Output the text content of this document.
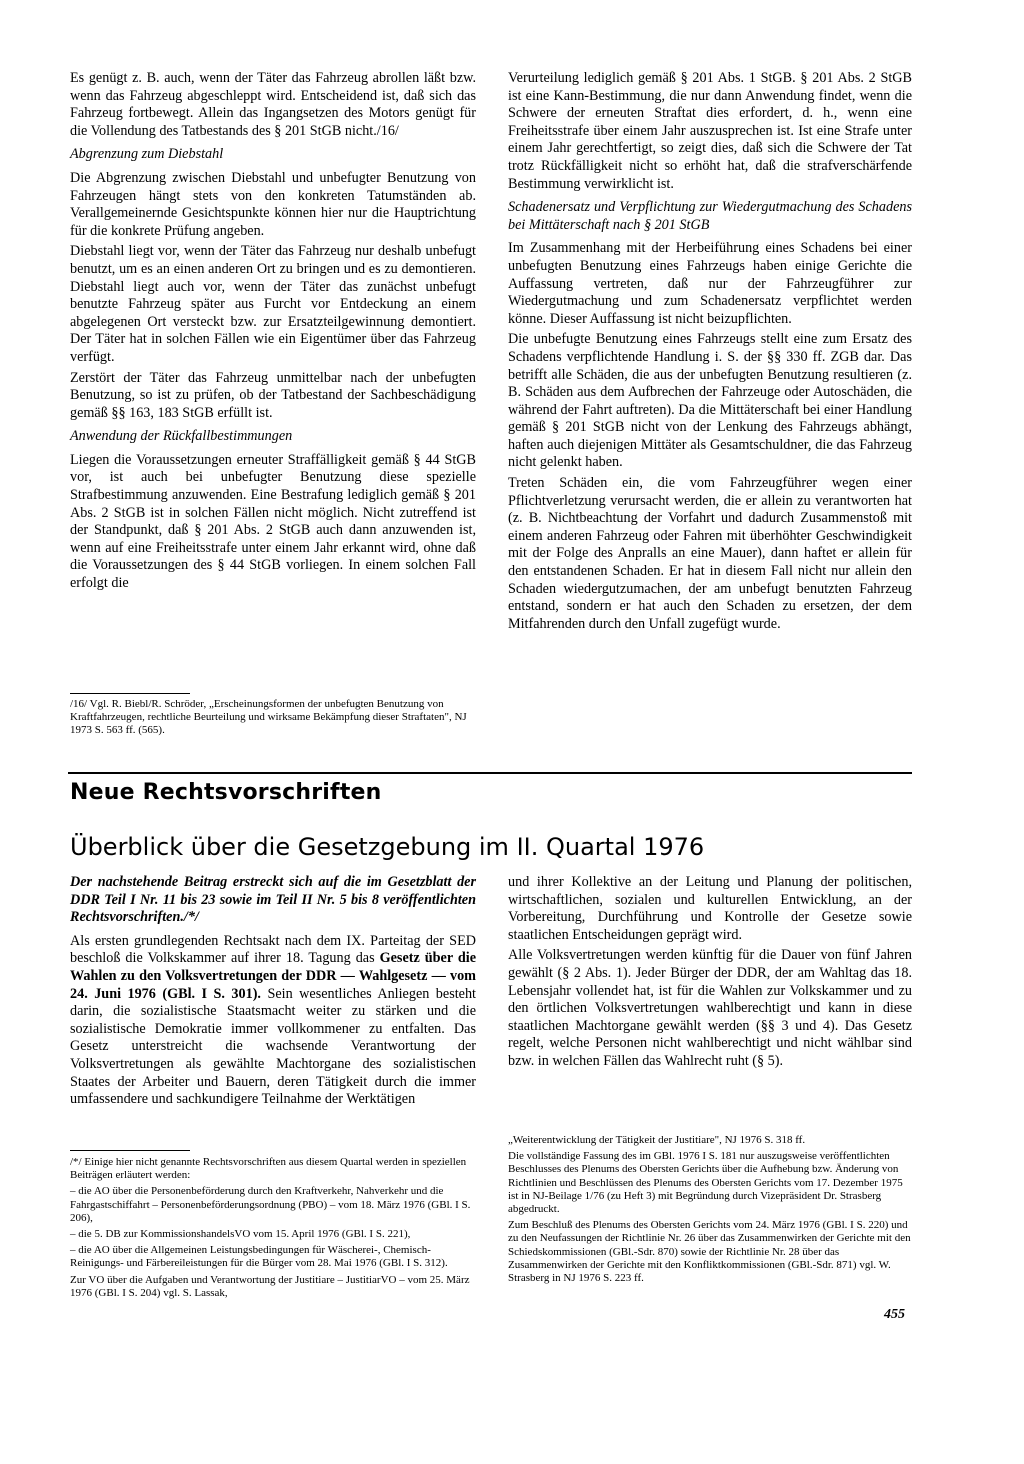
Es genügt z. B. auch, wenn der Täter das Fahrzeug abrollen läßt bzw. wenn das Fahrzeug abgeschleppt wird. Entscheidend ist, daß sich das Fahrzeug fortbewegt. Allein das Ingangsetzen des Motors genügt für die Vollendung des Tatbestands des § 201 StGB nicht./16/

Abgrenzung zum Diebstahl

Die Abgrenzung zwischen Diebstahl und unbefugter Benutzung von Fahrzeugen hängt stets von den konkreten Tatumständen ab. Verallgemeinernde Gesichtspunkte können hier nur die Hauptrichtung für die konkrete Prüfung angeben.

Diebstahl liegt vor, wenn der Täter das Fahrzeug nur deshalb unbefugt benutzt, um es an einen anderen Ort zu bringen und es zu demontieren. Diebstahl liegt auch vor, wenn der Täter das zunächst unbefugt benutzte Fahrzeug später aus Furcht vor Entdeckung an einem abgelegenen Ort versteckt bzw. zur Ersatzteilgewinnung demontiert. Der Täter hat in solchen Fällen wie ein Eigentümer über das Fahrzeug verfügt.

Zerstört der Täter das Fahrzeug unmittelbar nach der unbefugten Benutzung, so ist zu prüfen, ob der Tatbestand der Sachbeschädigung gemäß §§ 163, 183 StGB erfüllt ist.

Anwendung der Rückfallbestimmungen

Liegen die Voraussetzungen erneuter Straffälligkeit gemäß § 44 StGB vor, ist auch bei unbefugter Benutzung diese spezielle Strafbestimmung anzuwenden. Eine Bestrafung lediglich gemäß § 201 Abs. 2 StGB ist in solchen Fällen nicht möglich. Nicht zutreffend ist der Standpunkt, daß § 201 Abs. 2 StGB auch dann anzuwenden ist, wenn auf eine Freiheitsstrafe unter einem Jahr erkannt wird, ohne daß die Voraussetzungen des § 44 StGB vorliegen. In einem solchen Fall erfolgt die

/16/ Vgl. R. Biebl/R. Schröder, „Erscheinungsformen der unbefugten Benutzung von Kraftfahrzeugen, rechtliche Beurteilung und wirksame Bekämpfung dieser Straftaten", NJ 1973 S. 563 ff. (565).

Verurteilung lediglich gemäß § 201 Abs. 1 StGB. § 201 Abs. 2 StGB ist eine Kann-Bestimmung, die nur dann Anwendung findet, wenn die Schwere der erneuten Straftat dies erfordert, d. h., wenn eine Freiheitsstrafe über einem Jahr auszusprechen ist. Ist eine Strafe unter einem Jahr gerechtfertigt, so zeigt dies, daß sich die Schwere der Tat trotz Rückfälligkeit nicht so erhöht hat, daß die strafverschärfende Bestimmung verwirklicht ist.

Schadenersatz und Verpflichtung zur Wiedergutmachung des Schadens bei Mittäterschaft nach § 201 StGB

Im Zusammenhang mit der Herbeiführung eines Schadens bei einer unbefugten Benutzung eines Fahrzeugs haben einige Gerichte die Auffassung vertreten, daß nur der Fahrzeugführer zur Wiedergutmachung und zum Schadenersatz verpflichtet werden könne. Dieser Auffassung ist nicht beizupflichten.

Die unbefugte Benutzung eines Fahrzeugs stellt eine zum Ersatz des Schadens verpflichtende Handlung i. S. der §§ 330 ff. ZGB dar. Das betrifft alle Schäden, die aus der unbefugten Benutzung resultieren (z. B. Schäden aus dem Aufbrechen der Fahrzeuge oder Autoschäden, die während der Fahrt auftreten). Da die Mittäterschaft bei einer Handlung gemäß § 201 StGB nicht von der Lenkung des Fahrzeugs abhängt, haften auch diejenigen Mittäter als Gesamtschuldner, die das Fahrzeug nicht gelenkt haben.

Treten Schäden ein, die vom Fahrzeugführer wegen einer Pflichtverletzung verursacht werden, die er allein zu verantworten hat (z. B. Nichtbeachtung der Vorfahrt und dadurch Zusammenstoß mit einem anderen Fahrzeug oder Fahren mit überhöhter Geschwindigkeit mit der Folge des Anpralls an eine Mauer), dann haftet er allein für den entstandenen Schaden. Er hat in diesem Fall nicht nur allein den Schaden wiedergutzumachen, der am unbefugt benutzten Fahrzeug entstand, sondern er hat auch den Schaden zu ersetzen, der dem Mitfahrenden durch den Unfall zugefügt wurde.

Neue Rechtsvorschriften
Überblick über die Gesetzgebung im II. Quartal 1976

Der nachstehende Beitrag erstreckt sich auf die im Gesetzblatt der DDR Teil I Nr. 11 bis 23 sowie im Teil II Nr. 5 bis 8 veröffentlichten Rechtsvorschriften./*/

Als ersten grundlegenden Rechtsakt nach dem IX. Parteitag der SED beschloß die Volkskammer auf ihrer 18. Tagung das Gesetz über die Wahlen zu den Volksvertretungen der DDR — Wahlgesetz — vom 24. Juni 1976 (GBl. I S. 301). Sein wesentliches Anliegen besteht darin, die sozialistische Staatsmacht weiter zu stärken und die sozialistische Demokratie immer vollkommener zu entfalten. Das Gesetz unterstreicht die wachsende Verantwortung der Volksvertretungen als gewählte Machtorgane des sozialistischen Staates der Arbeiter und Bauern, deren Tätigkeit durch die immer umfassendere und sachkundigere Teilnahme der Werktätigen

/*/ Einige hier nicht genannte Rechtsvorschriften aus diesem Quartal werden in speziellen Beiträgen erläutert werden:

– die AO über die Personenbeförderung durch den Kraftverkehr, Nahverkehr und die Fahrgastschiffahrt – Personenbeförderungsordnung (PBO) – vom 18. März 1976 (GBl. I S. 206),

– die 5. DB zur KommissionshandelsVO vom 15. April 1976 (GBl. I S. 221),

– die AO über die Allgemeinen Leistungsbedingungen für Wäscherei-, Chemisch-Reinigungs- und Färbereileistungen für die Bürger vom 28. Mai 1976 (GBl. I S. 312).

Zur VO über die Aufgaben und Verantwortung der Justitiare – JustitiarVO – vom 25. März 1976 (GBl. I S. 204) vgl. S. Lassak,

und ihrer Kollektive an der Leitung und Planung der politischen, wirtschaftlichen, sozialen und kulturellen Entwicklung, an der Vorbereitung, Durchführung und Kontrolle der Gesetze sowie staatlichen Entscheidungen geprägt wird.

Alle Volksvertretungen werden künftig für die Dauer von fünf Jahren gewählt (§ 2 Abs. 1). Jeder Bürger der DDR, der am Wahltag das 18. Lebensjahr vollendet hat, ist für die Wahlen zur Volkskammer und zu den örtlichen Volksvertretungen wahlberechtigt und kann in diese staatlichen Machtorgane gewählt werden (§§ 3 und 4). Das Gesetz regelt, welche Personen nicht wahlberechtigt und nicht wählbar sind bzw. in welchen Fällen das Wahlrecht ruht (§ 5).

„Weiterentwicklung der Tätigkeit der Justitiare", NJ 1976 S. 318 ff.

Die vollständige Fassung des im GBl. 1976 I S. 181 nur auszugsweise veröffentlichten Beschlusses des Plenums des Obersten Gerichts über die Aufhebung bzw. Änderung von Richtlinien und Beschlüssen des Plenums des Obersten Gerichts vom 17. Dezember 1975 ist in NJ-Beilage 1/76 (zu Heft 3) mit Begründung durch Vizepräsident Dr. Strasberg abgedruckt.

Zum Beschluß des Plenums des Obersten Gerichts vom 24. März 1976 (GBl. I S. 220) und zu den Neufassungen der Richtlinie Nr. 26 über das Zusammenwirken der Gerichte mit den Schiedskommissionen (GBl.-Sdr. 870) sowie der Richtlinie Nr. 28 über das Zusammenwirken der Gerichte mit den Konfliktkommissionen (GBl.-Sdr. 871) vgl. W. Strasberg in NJ 1976 S. 223 ff.

455
